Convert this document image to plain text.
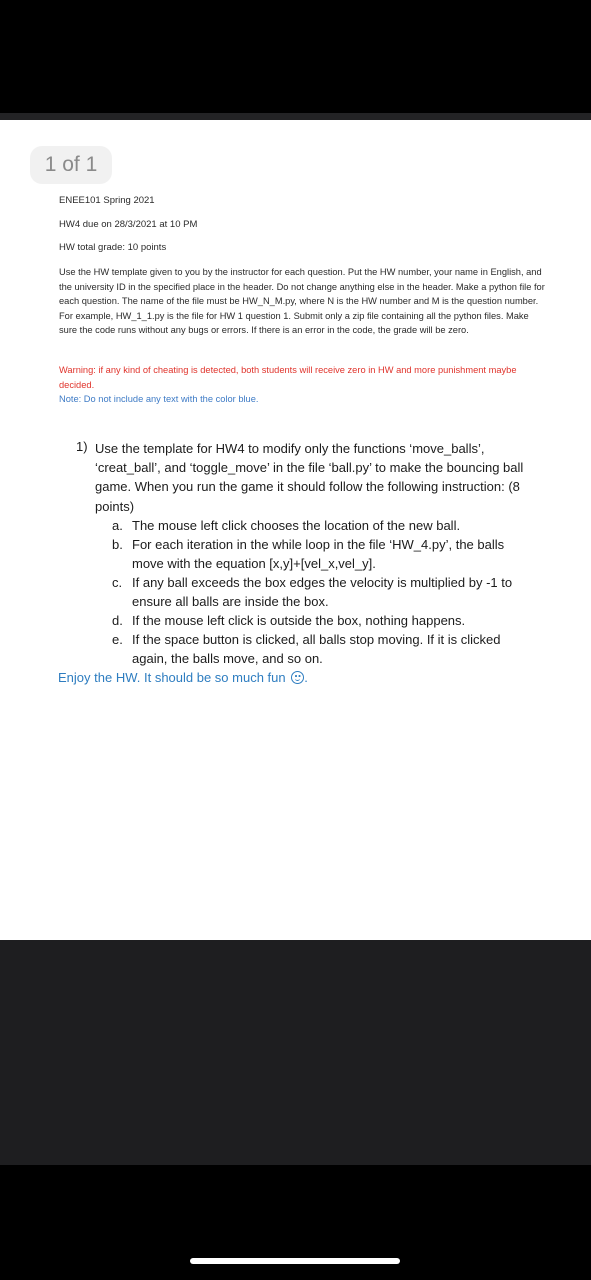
1 of 1
ENEE101 Spring 2021
HW4 due on 28/3/2021 at 10 PM
HW total grade: 10 points

Use the HW template given to you by the instructor for each question. Put the HW number, your name in English, and the university ID in the specified place in the header. Do not change anything else in the header. Make a python file for each question. The name of the file must be HW_N_M.py, where N is the HW number and M is the question number. For example, HW_1_1.py is the file for HW 1 question 1. Submit only a zip file containing all the python files. Make sure the code runs without any bugs or errors. If there is an error in the code, the grade will be zero.

Warning: if any kind of cheating is detected, both students will receive zero in HW and more punishment maybe decided.

Note: Do not include any text with the color blue.
1) Use the template for HW4 to modify only the functions ‘move_balls’, ‘creat_ball’, and ‘toggle_move’ in the file ‘ball.py’ to make the bouncing ball game. When you run the game it should follow the following instruction: (8 points)

a. The mouse left click chooses the location of the new ball.
b. For each iteration in the while loop in the file ‘HW_4.py’, the balls move with the equation [x,y]+[vel_x,vel_y].
c. If any ball exceeds the box edges the velocity is multiplied by -1 to ensure all balls are inside the box.
d. If the mouse left click is outside the box, nothing happens.
e. If the space button is clicked, all balls stop moving. If it is clicked again, the balls move, and so on.
Enjoy the HW. It should be so much fun .
